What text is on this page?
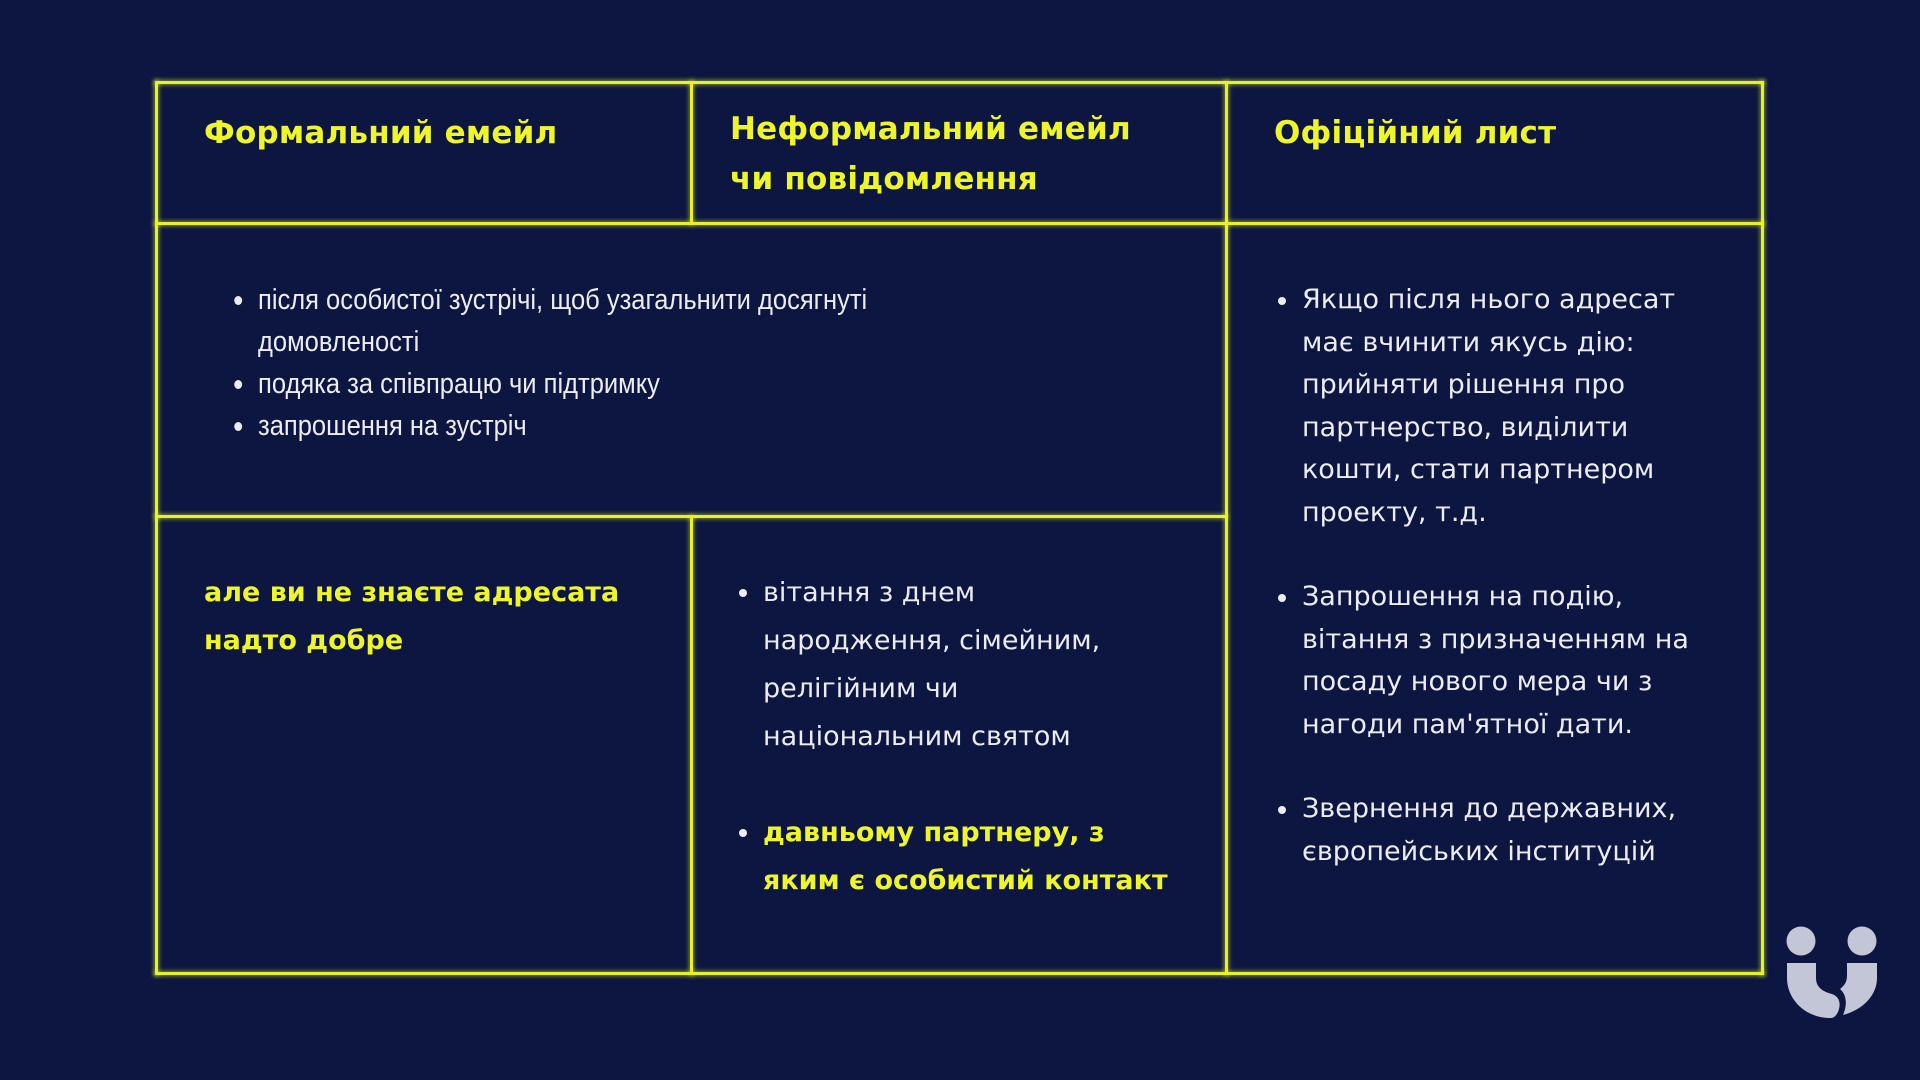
Формальний емейл	Неформальний емейл
чи повідомлення
Офіційний лист
після особистої зустрічі, щоб узагальнити досягнуті
домовленості
подяка за співпрацю чи підтримку
запрошення на зустріч
але ви не знаєте адресата
надто добре
вітання з днем
народження, сімейним,
релігійним чи
національним святом
давньому партнеру, з
яким є особистий контакт
Якщо після нього адресат
має вчинити якусь дію:
прийняти рішення про
партнерство, виділити
кошти, стати партнером
проекту, т.д.
Запрошення на подію,
вітання з призначенням на
посаду нового мера чи з
нагоди пам'ятної дати.
Звернення до державних,
європейських інституцій
